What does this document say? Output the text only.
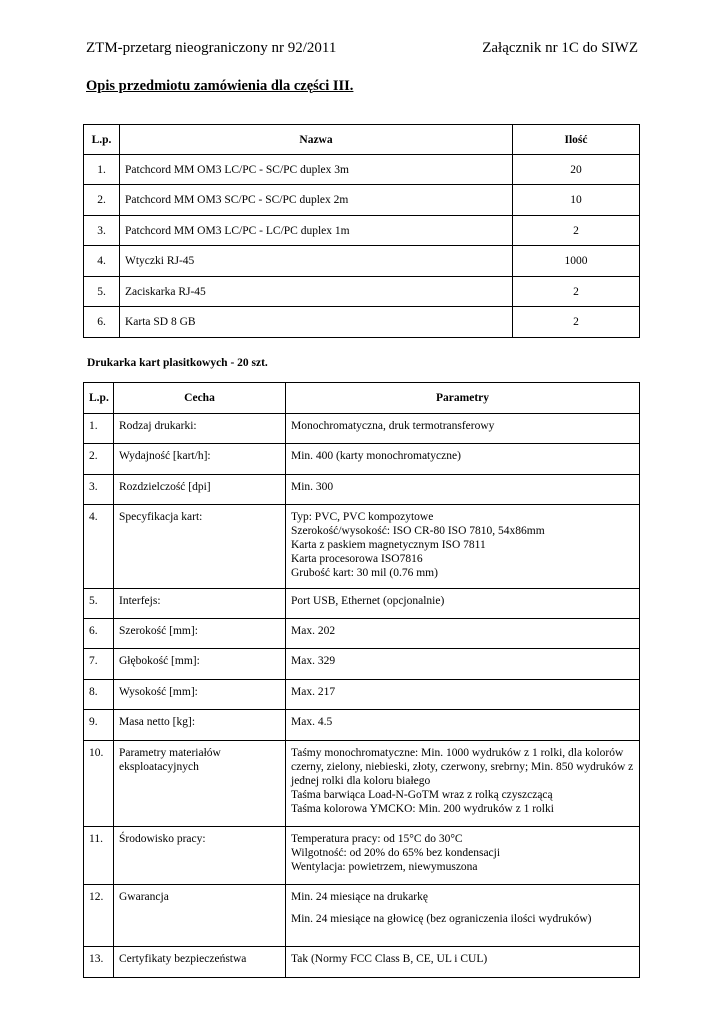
ZTM-przetarg nieograniczony nr 92/2011	Załącznik nr 1C do SIWZ
Opis przedmiotu zamówienia dla części III.
L.p.	Nazwa	Ilość
1.	Patchcord MM OM3 LC/PC - SC/PC duplex 3m	20
2.	Patchcord MM OM3 SC/PC - SC/PC duplex 2m	10
3.	Patchcord MM OM3 LC/PC - LC/PC duplex 1m	2
4.	Wtyczki RJ-45	1000
5.	Zaciskarka RJ-45	2
6.	Karta SD 8 GB	2
Drukarka kart plasitkowych - 20 szt.
L.p.	Cecha	Parametry
1.	Rodzaj drukarki:	Monochromatyczna, druk termotransferowy

2.	Wydajność [kart/h]:	Min. 400 (karty monochromatyczne)

3.	Rozdzielczość [dpi]	Min. 300

4.	Specyfikacja kart:	Typ: PVC, PVC kompozytowe
Szerokość/wysokość: ISO CR-80 ISO 7810, 54x86mm
Karta z paskiem magnetycznym ISO 7811
Karta procesorowa ISO7816
Grubość kart: 30 mil (0.76 mm)

5.	Interfejs:	Port USB, Ethernet (opcjonalnie)

6.	Szerokość [mm]:	Max. 202

7.	Głębokość [mm]:	Max. 329

8.	Wysokość [mm]:	Max. 217

9.	Masa netto [kg]:	Max. 4.5

10.	Parametry materiałów eksploatacyjnych	Taśmy monochromatyczne: Min. 1000 wydruków z 1 rolki, dla kolorów czerny, zielony, niebieski, złoty, czerwony, srebrny; Min. 850 wydruków z jednej rolki dla koloru białego
Taśma barwiąca Load-N-GoTM wraz z rolką czyszczącą
Taśma kolorowa YMCKO: Min. 200 wydruków z 1 rolki

11.	Środowisko pracy:	Temperatura pracy: od 15°C do 30°C
Wilgotność: od 20% do 65% bez kondensacji
Wentylacja: powietrzem, niewymuszona

12.	Gwarancja	Min. 24 miesiące na drukarkę
Min. 24 miesiące na głowicę (bez ograniczenia ilości wydruków)

13.	Certyfikaty bezpieczeństwa	Tak (Normy FCC Class B, CE, UL i CUL)
